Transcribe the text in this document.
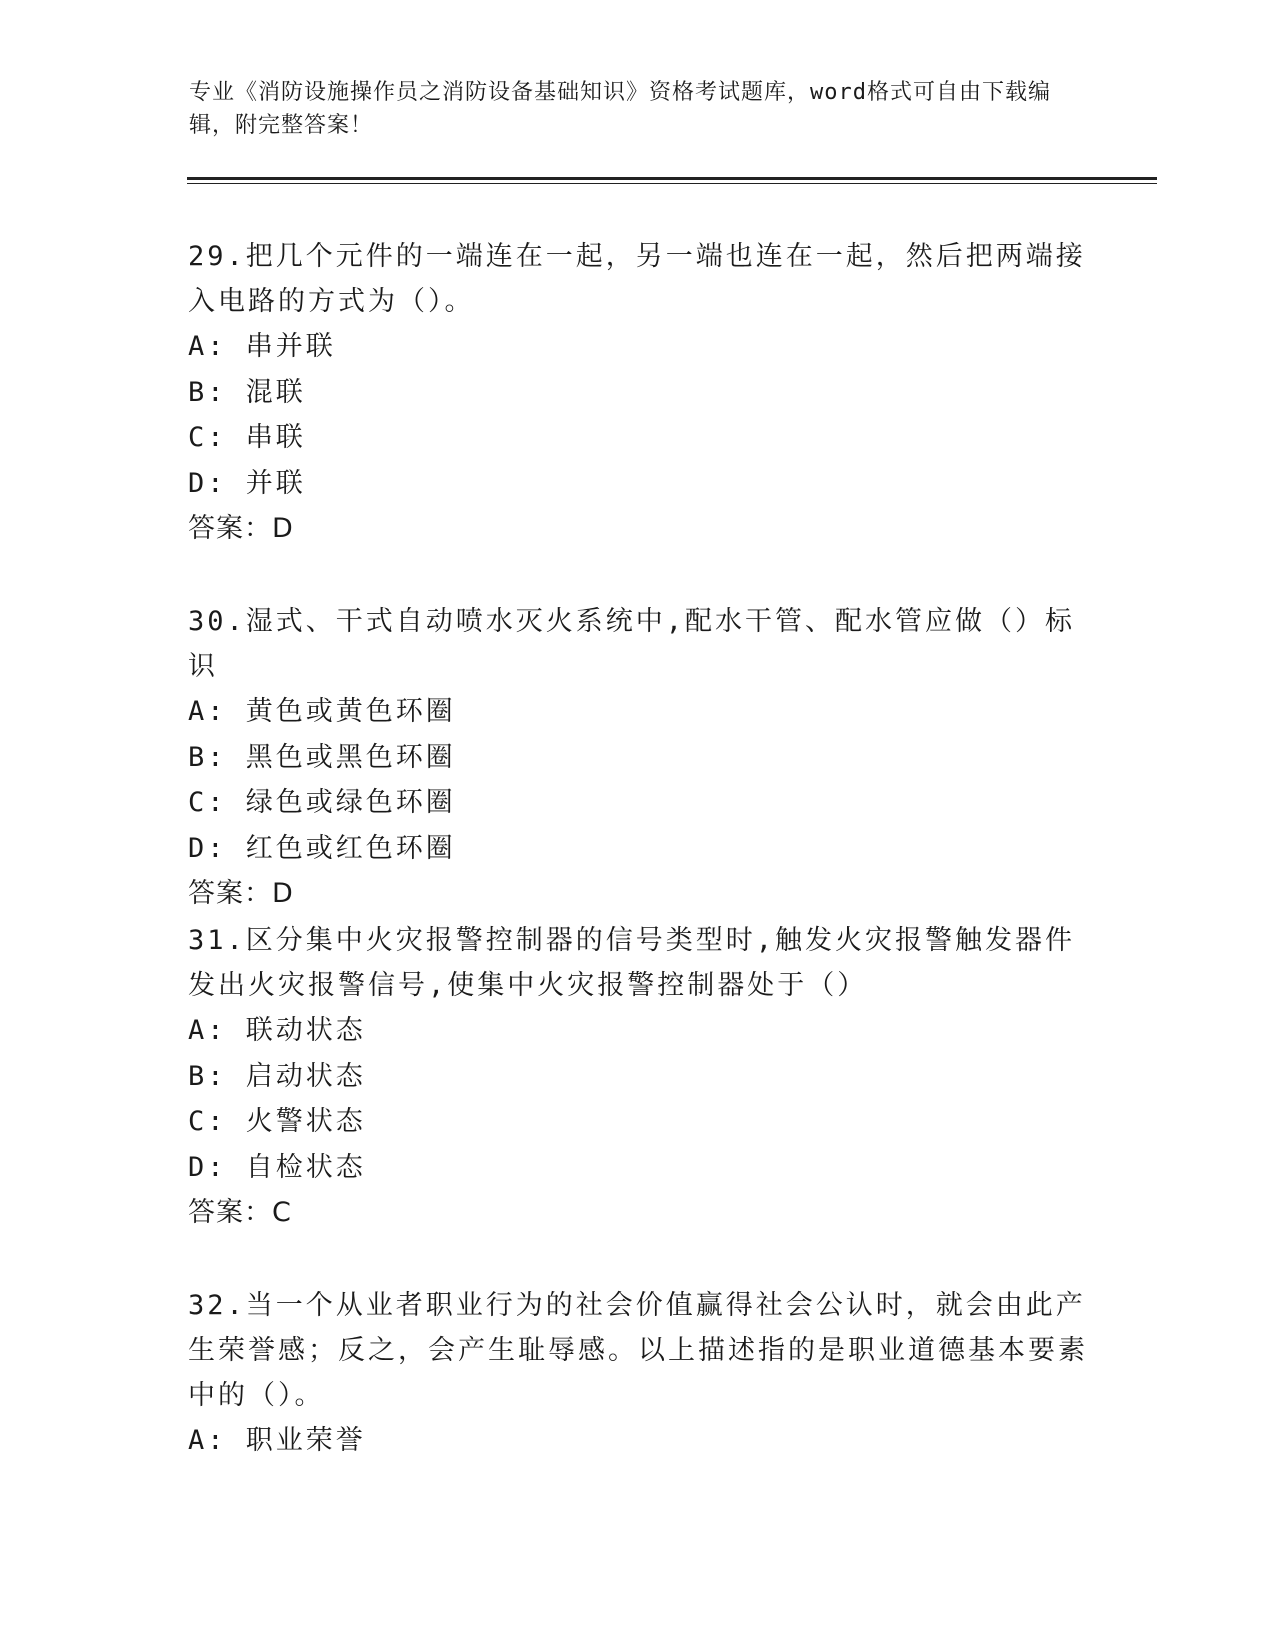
专业《消防设施操作员之消防设备基础知识》资格考试题库，word格式可自由下载编辑，附完整答案！
29.把几个元件的一端连在一起，另一端也连在一起，然后把两端接入电路的方式为（）。
A: 串并联
B: 混联
C: 串联
D: 并联
答案：D
30.湿式、干式自动喷水灭火系统中,配水干管、配水管应做（）标识
A: 黄色或黄色环圈
B: 黑色或黑色环圈
C: 绿色或绿色环圈
D: 红色或红色环圈
答案：D
31.区分集中火灾报警控制器的信号类型时,触发火灾报警触发器件发出火灾报警信号,使集中火灾报警控制器处于（）
A: 联动状态
B: 启动状态
C: 火警状态
D: 自检状态
答案：C
32.当一个从业者职业行为的社会价值赢得社会公认时，就会由此产生荣誉感；反之，会产生耻辱感。以上描述指的是职业道德基本要素中的（）。
A: 职业荣誉
